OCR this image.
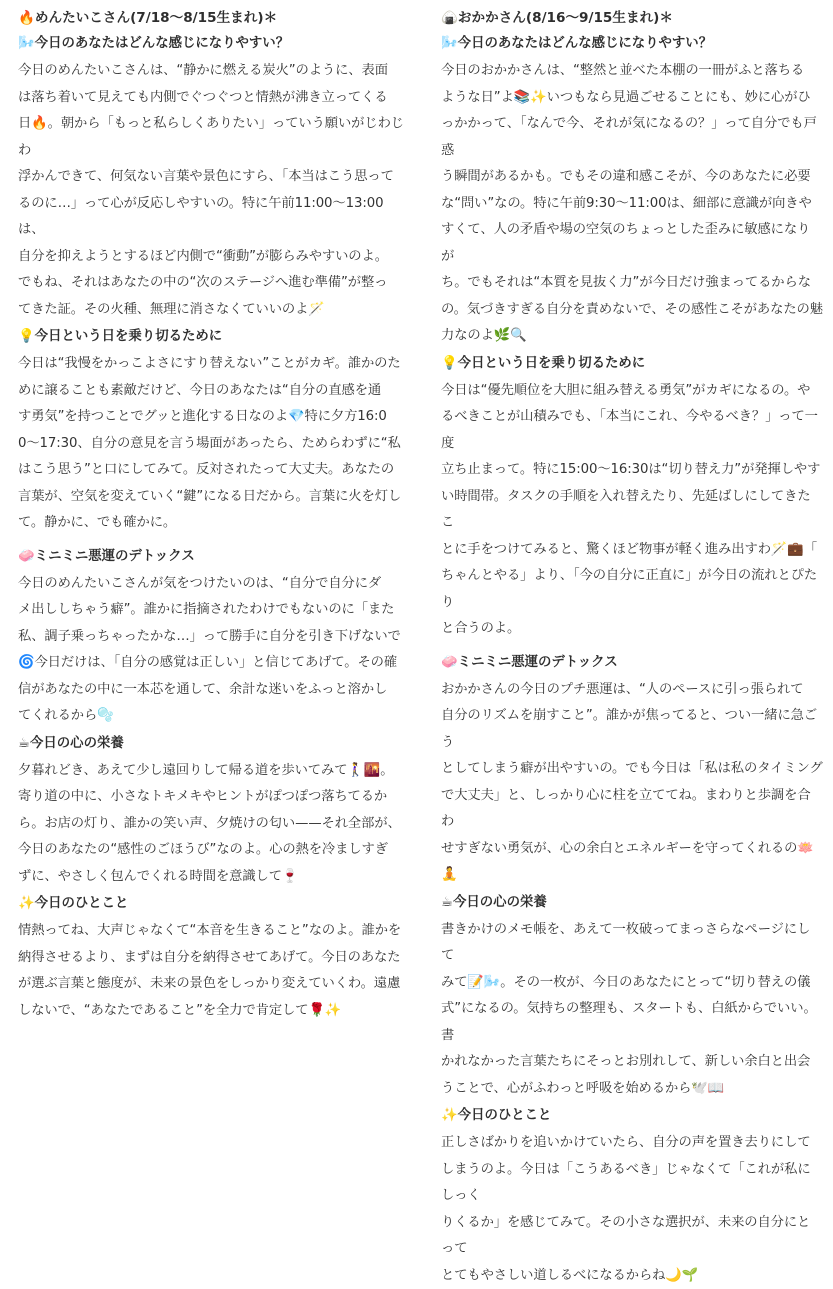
🔥めんたいこさん(7/18〜8/15生まれ)＊
🌬️今日のあなたはどんな感じになりやすい？
今日のめんたいこさんは、“静かに燃える炭火”のように、表面
は落ち着いて見えても内側でぐつぐつと情熱が沸き立ってくる
日🔥。朝から「もっと私らしくありたい」っていう願いがじわじわ
浮かんできて、何気ない言葉や景色にすら、「本当はこう思って
るのに…」って心が反応しやすいの。特に午前11:00〜13:00は、
自分を抑えようとするほど内側で“衝動”が膨らみやすいのよ。
でもね、それはあなたの中の“次のステージへ進む準備”が整っ
てきた証。その火種、無理に消さなくていいのよ🪄
💡今日という日を乗り切るために
今日は“我慢をかっこよさにすり替えない”ことがカギ。誰かのた
めに譲ることも素敵だけど、今日のあなたは“自分の直感を通
す勇気”を持つことでグッと進化する日なのよ💎特に夕方16:0
0〜17:30、自分の意見を言う場面があったら、ためらわずに“私
はこう思う”と口にしてみて。反対されたって大丈夫。あなたの
言葉が、空気を変えていく“鍵”になる日だから。言葉に火を灯し
て。静かに、でも確かに。
🧼ミニミニ悪運のデトックス
今日のめんたいこさんが気をつけたいのは、“自分で自分にダ
メ出ししちゃう癖”。誰かに指摘されたわけでもないのに「また
私、調子乗っちゃったかな…」って勝手に自分を引き下げないで
🌀今日だけは、「自分の感覚は正しい」と信じてあげて。その確
信があなたの中に一本芯を通して、余計な迷いをふっと溶かし
てくれるから🫧
☕今日の心の栄養
夕暮れどき、あえて少し遠回りして帰る道を歩いてみて🚶‍♀️🌇。
寄り道の中に、小さなトキメキやヒントがぽつぽつ落ちてるか
ら。お店の灯り、誰かの笑い声、夕焼けの匂い——それ全部が、
今日のあなたの“感性のごほうび”なのよ。心の熱を冷ましすぎ
ずに、やさしく包んでくれる時間を意識して🍷
✨今日のひとこと
情熱ってね、大声じゃなくて“本音を生きること”なのよ。誰かを
納得させるより、まずは自分を納得させてあげて。今日のあなた
が選ぶ言葉と態度が、未来の景色をしっかり変えていくわ。遠慮
しないで、“あなたであること”を全力で肯定して🌹✨
🍙おかかさん(8/16〜9/15生まれ)＊
🌬️今日のあなたはどんな感じになりやすい？
今日のおかかさんは、“整然と並べた本棚の一冊がふと落ちる
ような日”よ📚✨いつもなら見過ごせることにも、妙に心がひ
っかかって、「なんで今、それが気になるの？」って自分でも戸惑
う瞬間があるかも。でもその違和感こそが、今のあなたに必要
な“問い”なの。特に午前9:30〜11:00は、細部に意識が向きや
すくて、人の矛盾や場の空気のちょっとした歪みに敏感になりが
ち。でもそれは“本質を見抜く力”が今日だけ強まってるからな
の。気づきすぎる自分を責めないで、その感性こそがあなたの魅
力なのよ🌿🔍
💡今日という日を乗り切るために
今日は“優先順位を大胆に組み替える勇気”がカギになるの。や
るべきことが山積みでも、「本当にこれ、今やるべき？」って一度
立ち止まって。特に15:00〜16:30は“切り替え力”が発揮しやす
い時間帯。タスクの手順を入れ替えたり、先延ばしにしてきたこ
とに手をつけてみると、驚くほど物事が軽く進み出すわ🪄💼「
ちゃんとやる」より、「今の自分に正直に」が今日の流れとぴたり
と合うのよ。
🧼ミニミニ悪運のデトックス
おかかさんの今日のプチ悪運は、“人のペースに引っ張られて
自分のリズムを崩すこと”。誰かが焦ってると、つい一緒に急ごう
としてしまう癖が出やすいの。でも今日は「私は私のタイミング
で大丈夫」と、しっかり心に柱を立ててね。まわりと歩調を合わ
せすぎない勇気が、心の余白とエネルギーを守ってくれるの🪷
🧘
☕今日の心の栄養
書きかけのメモ帳を、あえて一枚破ってまっさらなページにして
みて📝🌬️。その一枚が、今日のあなたにとって“切り替えの儀
式”になるの。気持ちの整理も、スタートも、白紙からでいい。書
かれなかった言葉たちにそっとお別れして、新しい余白と出会
うことで、心がふわっと呼吸を始めるから🕊️📖
✨今日のひとこと
正しさばかりを追いかけていたら、自分の声を置き去りにして
しまうのよ。今日は「こうあるべき」じゃなくて「これが私にしっく
りくるか」を感じてみて。その小さな選択が、未来の自分にとって
とてもやさしい道しるべになるからね🌙🌱
